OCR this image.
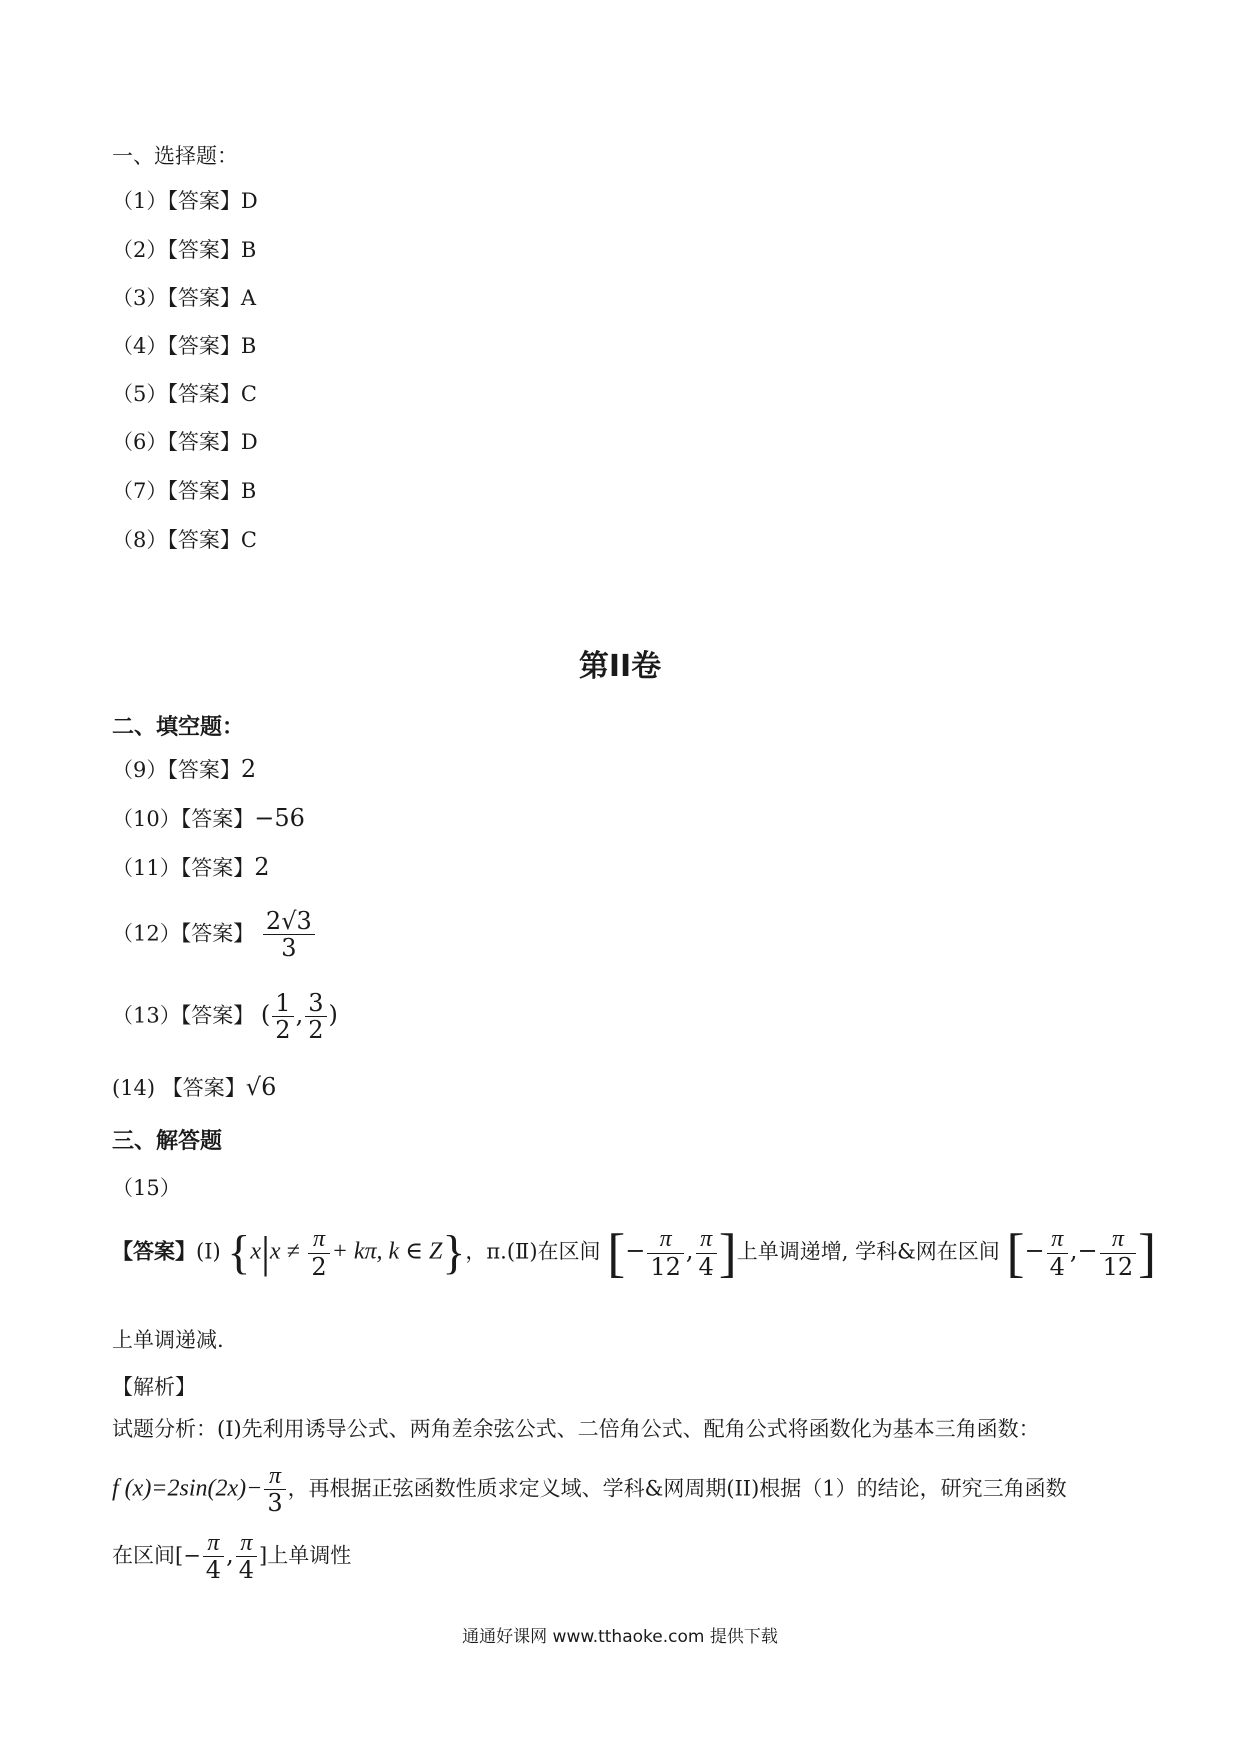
一、选择题：
（1）【答案】D
（2）【答案】B
（3）【答案】A
（4）【答案】B
（5）【答案】C
（6）【答案】D
（7）【答案】B
（8）【答案】C
第II卷
二、填空题：
（9）【答案】2
（10）【答案】−56
（11）【答案】2
（12）【答案】 $\frac{2√3}{3}$
（13）【答案】 ( $\frac{1}{2}$ , $\frac{3}{2}$ )
(14) 【答案】√6
三、解答题
（15）
【答案】(Ⅰ) {$x|x \ne \frac{\pi}{2} + k\pi$, k ∈ Z}，π.(Ⅱ)在区间 [− $\frac{\pi}{12}$ , $\frac{\pi}{4}$ ]上单调递增, 学科&网在区间 [− $\frac{\pi}{4}$ ,− $\frac{\pi}{12}$ ]
上单调递减.
【解析】
试题分析：(Ⅰ)先利用诱导公式、两角差余弦公式、二倍角公式、配角公式将函数化为基本三角函数：
f $(x)=2\sin(2x)- \frac{\pi}{3}$ ，再根据正弦函数性质求定义域、学科&网周期(II)根据（1）的结论，研究三角函数
在区间[− $\frac{\pi}{4}$ , $\frac{\pi}{4}$ ]上单调性
通通好课网 www.tthaoke.com 提供下载
